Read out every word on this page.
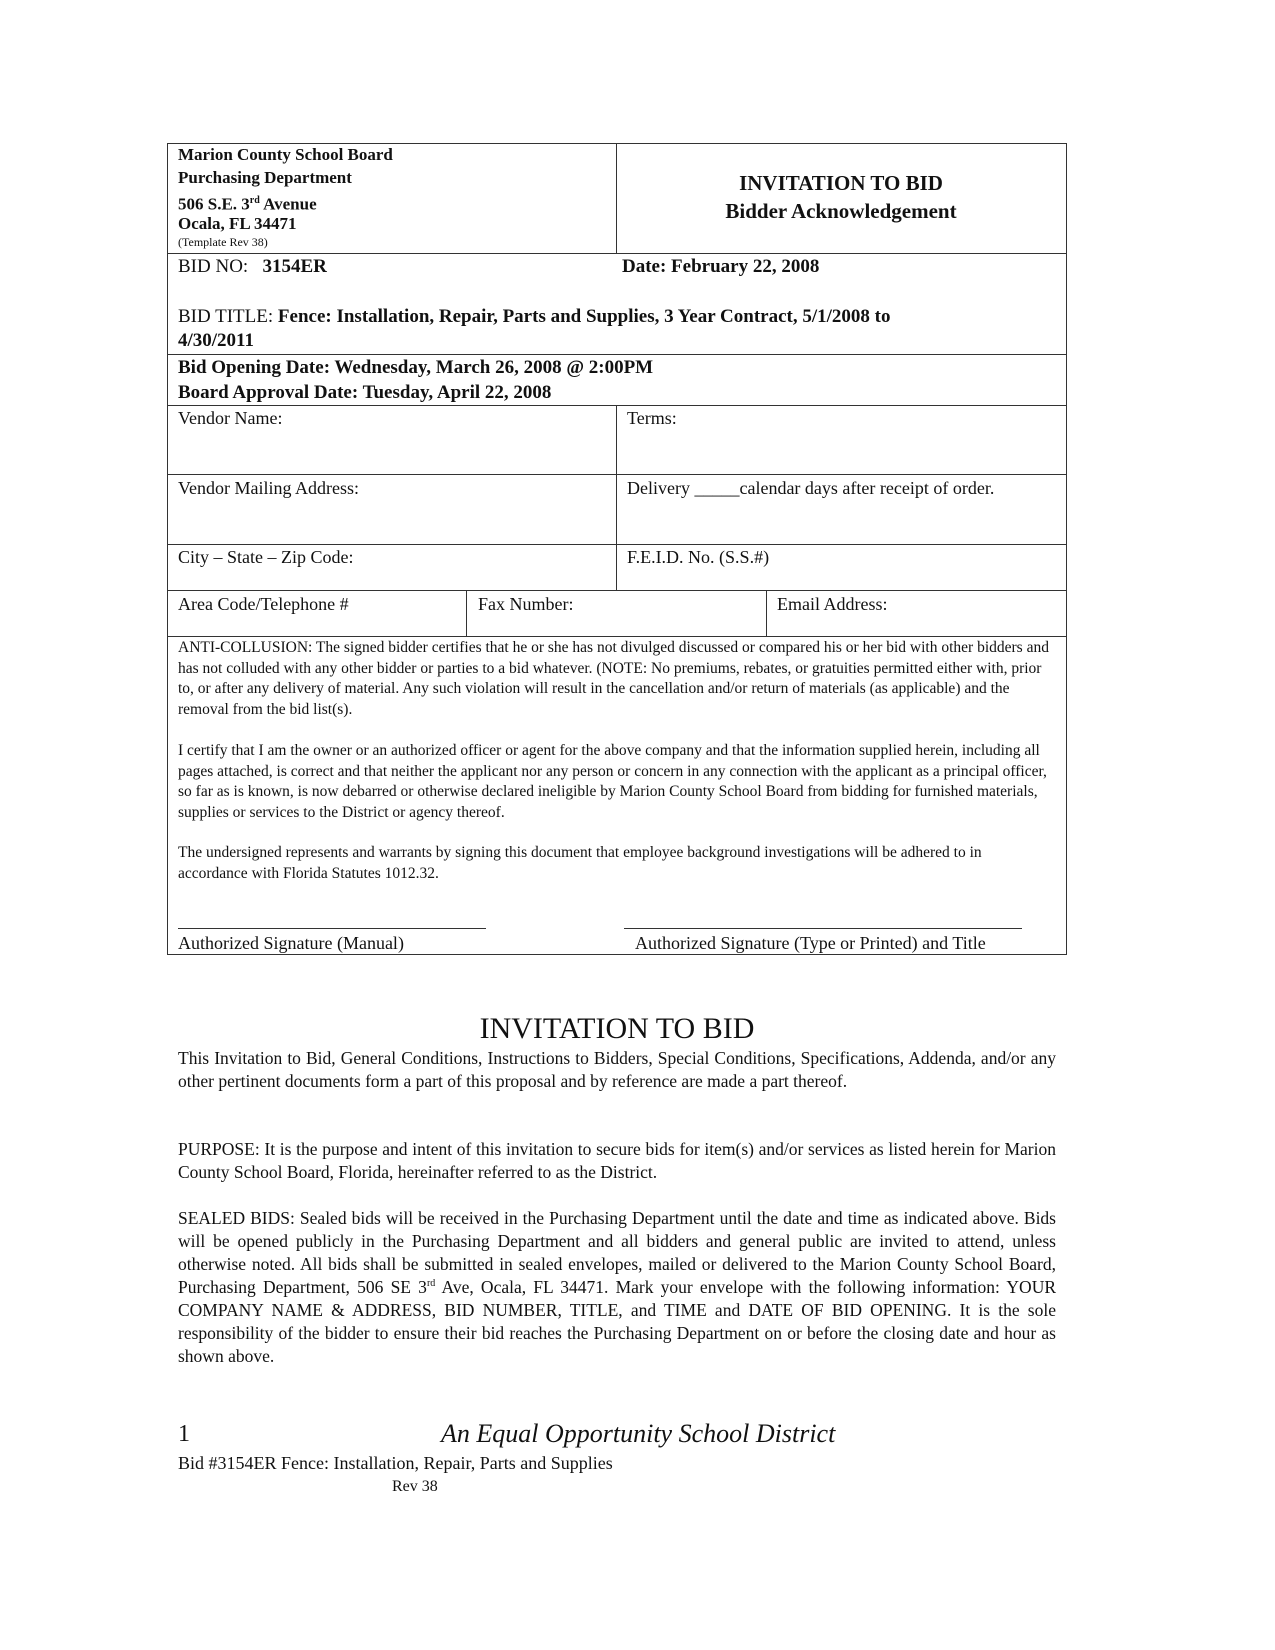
Marion County School Board
Purchasing Department
506 S.E. 3rd Avenue
Ocala, FL 34471
(Template Rev 38)
INVITATION TO BID
Bidder Acknowledgement
BID NO: 3154ER	Date: February 22, 2008
BID TITLE: Fence: Installation, Repair, Parts and Supplies, 3 Year Contract, 5/1/2008 to
4/30/2011
Bid Opening Date: Wednesday, March 26, 2008 @ 2:00PM
Board Approval Date: Tuesday, April 22, 2008
Vendor Name:	Terms:
Vendor Mailing Address:	Delivery _____calendar days after receipt of order.
City – State – Zip Code:	F.E.I.D. No. (S.S.#)
Area Code/Telephone #	Fax Number:	Email Address:
ANTI-COLLUSION: The signed bidder certifies that he or she has not divulged discussed or compared his or her bid with other bidders and has not colluded with any other bidder or parties to a bid whatever. (NOTE: No premiums, rebates, or gratuities permitted either with, prior to, or after any delivery of material. Any such violation will result in the cancellation and/or return of materials (as applicable) and the removal from the bid list(s).
I certify that I am the owner or an authorized officer or agent for the above company and that the information supplied herein, including all pages attached, is correct and that neither the applicant nor any person or concern in any connection with the applicant as a principal officer, so far as is known, is now debarred or otherwise declared ineligible by Marion County School Board from bidding for furnished materials, supplies or services to the District or agency thereof.
The undersigned represents and warrants by signing this document that employee background investigations will be adhered to in accordance with Florida Statutes 1012.32.
Authorized Signature (Manual)	Authorized Signature (Type or Printed) and Title
INVITATION TO BID
This Invitation to Bid, General Conditions, Instructions to Bidders, Special Conditions, Specifications, Addenda, and/or any other pertinent documents form a part of this proposal and by reference are made a part thereof.
PURPOSE: It is the purpose and intent of this invitation to secure bids for item(s) and/or services as listed herein for Marion County School Board, Florida, hereinafter referred to as the District.
SEALED BIDS: Sealed bids will be received in the Purchasing Department until the date and time as indicated above. Bids will be opened publicly in the Purchasing Department and all bidders and general public are invited to attend, unless otherwise noted. All bids shall be submitted in sealed envelopes, mailed or delivered to the Marion County School Board, Purchasing Department, 506 SE 3rd Ave, Ocala, FL 34471. Mark your envelope with the following information: YOUR COMPANY NAME & ADDRESS, BID NUMBER, TITLE, and TIME and DATE OF BID OPENING. It is the sole responsibility of the bidder to ensure their bid reaches the Purchasing Department on or before the closing date and hour as shown above.
1	An Equal Opportunity School District
Bid #3154ER Fence: Installation, Repair, Parts and Supplies
Rev 38
